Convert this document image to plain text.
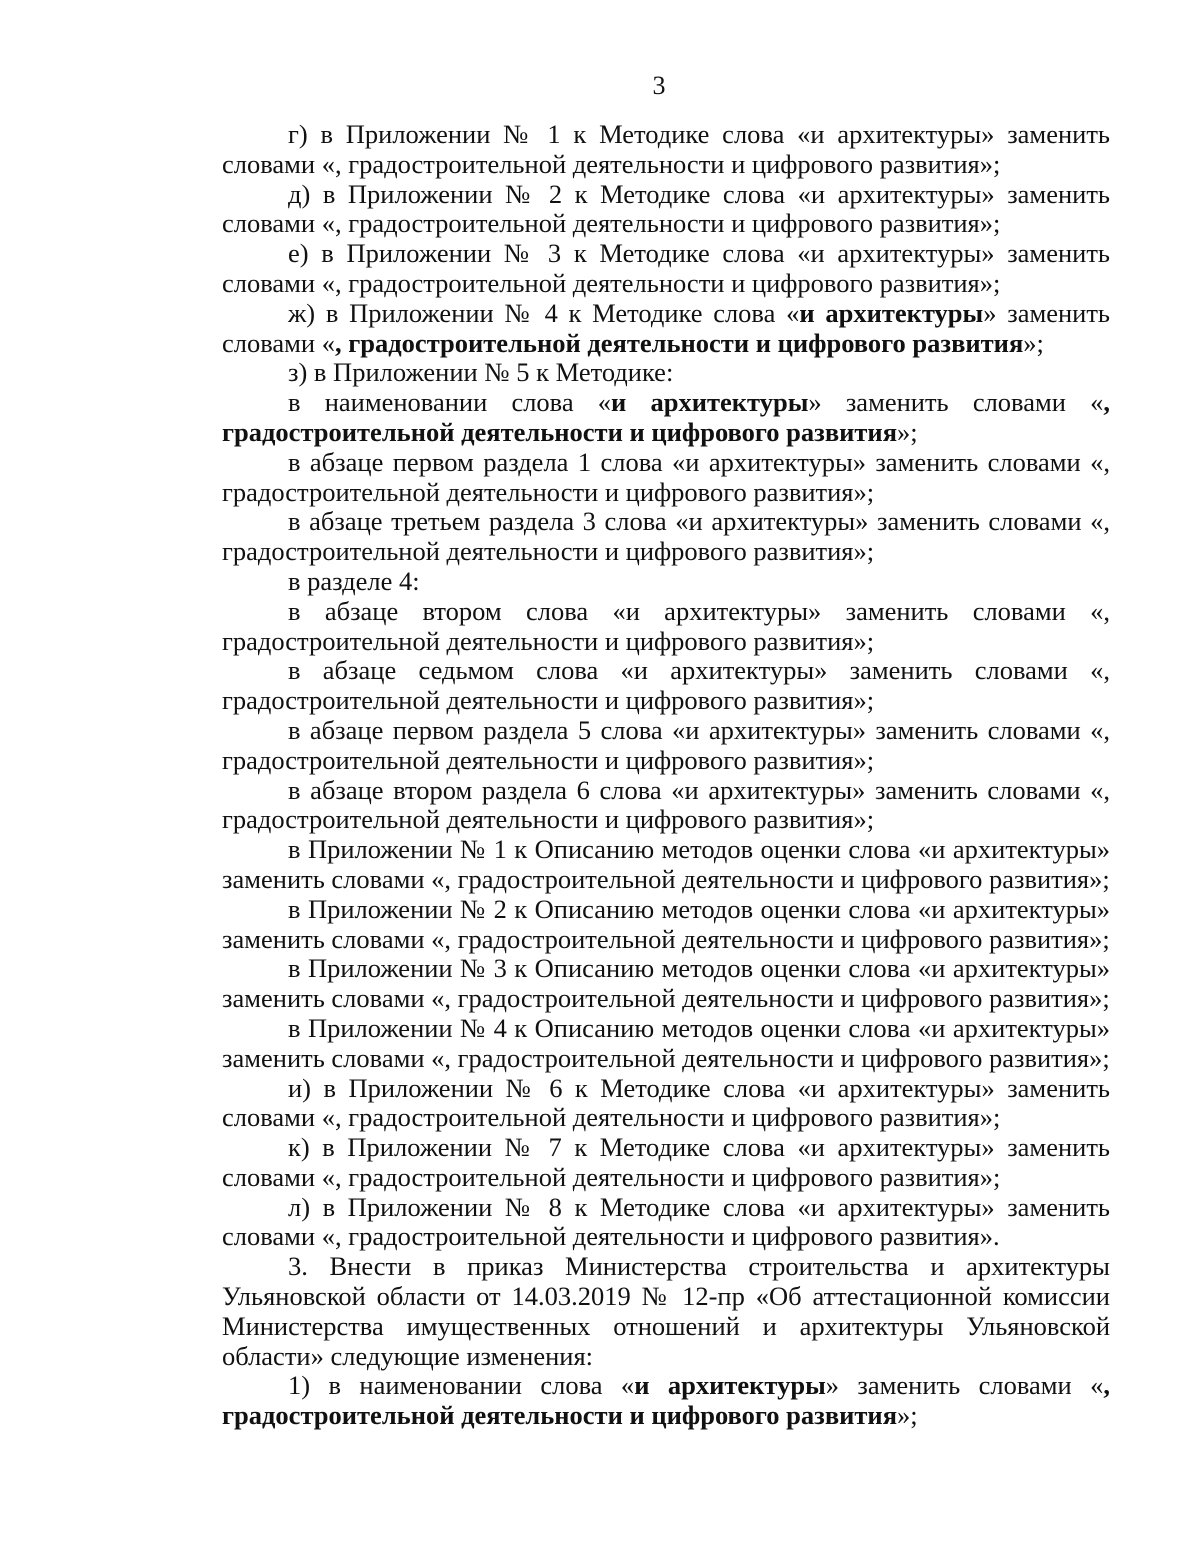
3

г) в Приложении № 1 к Методике слова «и архитектуры» заменить словами «, градостроительной деятельности и цифрового развития»;

д) в Приложении № 2 к Методике слова «и архитектуры» заменить словами «, градостроительной деятельности и цифрового развития»;

е) в Приложении № 3 к Методике слова «и архитектуры» заменить словами «, градостроительной деятельности и цифрового развития»;

ж) в Приложении № 4 к Методике слова «и архитектуры» заменить словами «, градостроительной деятельности и цифрового развития»;

з) в Приложении № 5 к Методике:

в наименовании слова «и архитектуры» заменить словами «, градостроительной деятельности и цифрового развития»;

в абзаце первом раздела 1 слова «и архитектуры» заменить словами «, градостроительной деятельности и цифрового развития»;

в абзаце третьем раздела 3 слова «и архитектуры» заменить словами «, градостроительной деятельности и цифрового развития»;

в разделе 4:

в абзаце втором слова «и архитектуры» заменить словами «, градостроительной деятельности и цифрового развития»;

в абзаце седьмом слова «и архитектуры» заменить словами «, градостроительной деятельности и цифрового развития»;

в абзаце первом раздела 5 слова «и архитектуры» заменить словами «, градостроительной деятельности и цифрового развития»;

в абзаце втором раздела 6 слова «и архитектуры» заменить словами «, градостроительной деятельности и цифрового развития»;

в Приложении № 1 к Описанию методов оценки слова «и архитектуры» заменить словами «, градостроительной деятельности и цифрового развития»;

в Приложении № 2 к Описанию методов оценки слова «и архитектуры» заменить словами «, градостроительной деятельности и цифрового развития»;

в Приложении № 3 к Описанию методов оценки слова «и архитектуры» заменить словами «, градостроительной деятельности и цифрового развития»;

в Приложении № 4 к Описанию методов оценки слова «и архитектуры» заменить словами «, градостроительной деятельности и цифрового развития»;

и) в Приложении № 6 к Методике слова «и архитектуры» заменить словами «, градостроительной деятельности и цифрового развития»;

к) в Приложении № 7 к Методике слова «и архитектуры» заменить словами «, градостроительной деятельности и цифрового развития»;

л) в Приложении № 8 к Методике слова «и архитектуры» заменить словами «, градостроительной деятельности и цифрового развития».

3. Внести в приказ Министерства строительства и архитектуры Ульяновской области от 14.03.2019 № 12-пр «Об аттестационной комиссии Министерства имущественных отношений и архитектуры Ульяновской области» следующие изменения:

1) в наименовании слова «и архитектуры» заменить словами «, градостроительной деятельности и цифрового развития»;
